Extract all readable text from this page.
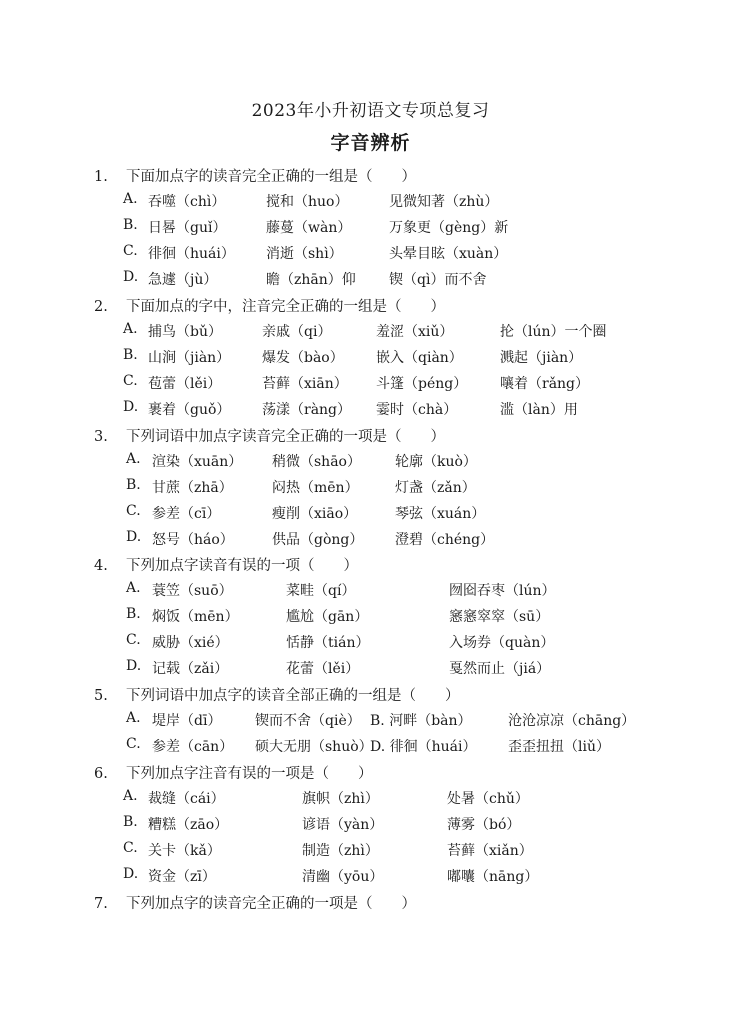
2023年小升初语文专项总复习
字音辨析
1. 下面加点字的读音完全正确的一组是（　　）
A. 吞噬（chì）	搅和（huo）	见微知著（zhù）
B. 日晷（guǐ）	藤蔓（wàn）	万象更（gèng）新
C. 徘徊（huái） 消逝（shì）	头晕目眩（xuàn）
D. 急遽（jù）	瞻（zhān）仰 锲（qì）而不舍
2. 下面加点的字中，注音完全正确的一组是（　　）
A. 捕鸟（bǔ）	亲戚（qi）	羞涩（xiǔ）	抡（lún）一个圈
B. 山涧（jiàn） 爆发（bào） 嵌入（qiàn）	溅起（jiàn）
C. 苞蕾（lěi）	苔藓（xiān） 斗篷（péng） 嚷着（rǎng）
D. 裹着（guǒ） 荡漾（ràng） 霎时（chà）	滥（làn）用
3. 下列词语中加点字读音完全正确的一项是（　　）
A. 渲染（xuān） 稍微（shāo） 轮廓（kuò）
B. 甘蔗（zhā）	闷热（mēn）	灯盏（zǎn）
C. 参差（cī）	瘦削（xiāo）	琴弦（xuán）
D. 怒号（háo）	供品（gòng） 澄碧（chéng）
4. 下列加点字读音有误的一项（　　）
A. 蓑笠（suō）	菜畦（qí）	囫囵吞枣（lún）
B. 焖饭（mēn）	尴尬（gān）	窸窸窣窣（sū）
C. 威胁（xié）	恬静（tián）	入场券（quàn）
D. 记载（zǎi）	花蕾（lěi）	戛然而止（jiá）
5. 下列词语中加点字的读音全部正确的一组是（　　）
A. 堤岸（dī） 锲而不舍（qiè） B. 河畔（bàn）	沧沧凉凉（chāng）
C. 参差（cān） 硕大无朋（shuò）
D. 徘徊（huái） 歪歪扭扭（liǔ）
6. 下列加点字注音有误的一项是（　　）
A. 裁缝（cái）	旗帜（zhì）	处暑（chǔ）
B. 糟糕（zāo）	谚语（yàn）	薄雾（bó）
C. 关卡（kǎ）	制造（zhì）	苔藓（xiǎn）
D. 资金（zī）	清幽（yōu）	嘟囔（nāng）
7. 下列加点字的读音完全正确的一项是（　　）
